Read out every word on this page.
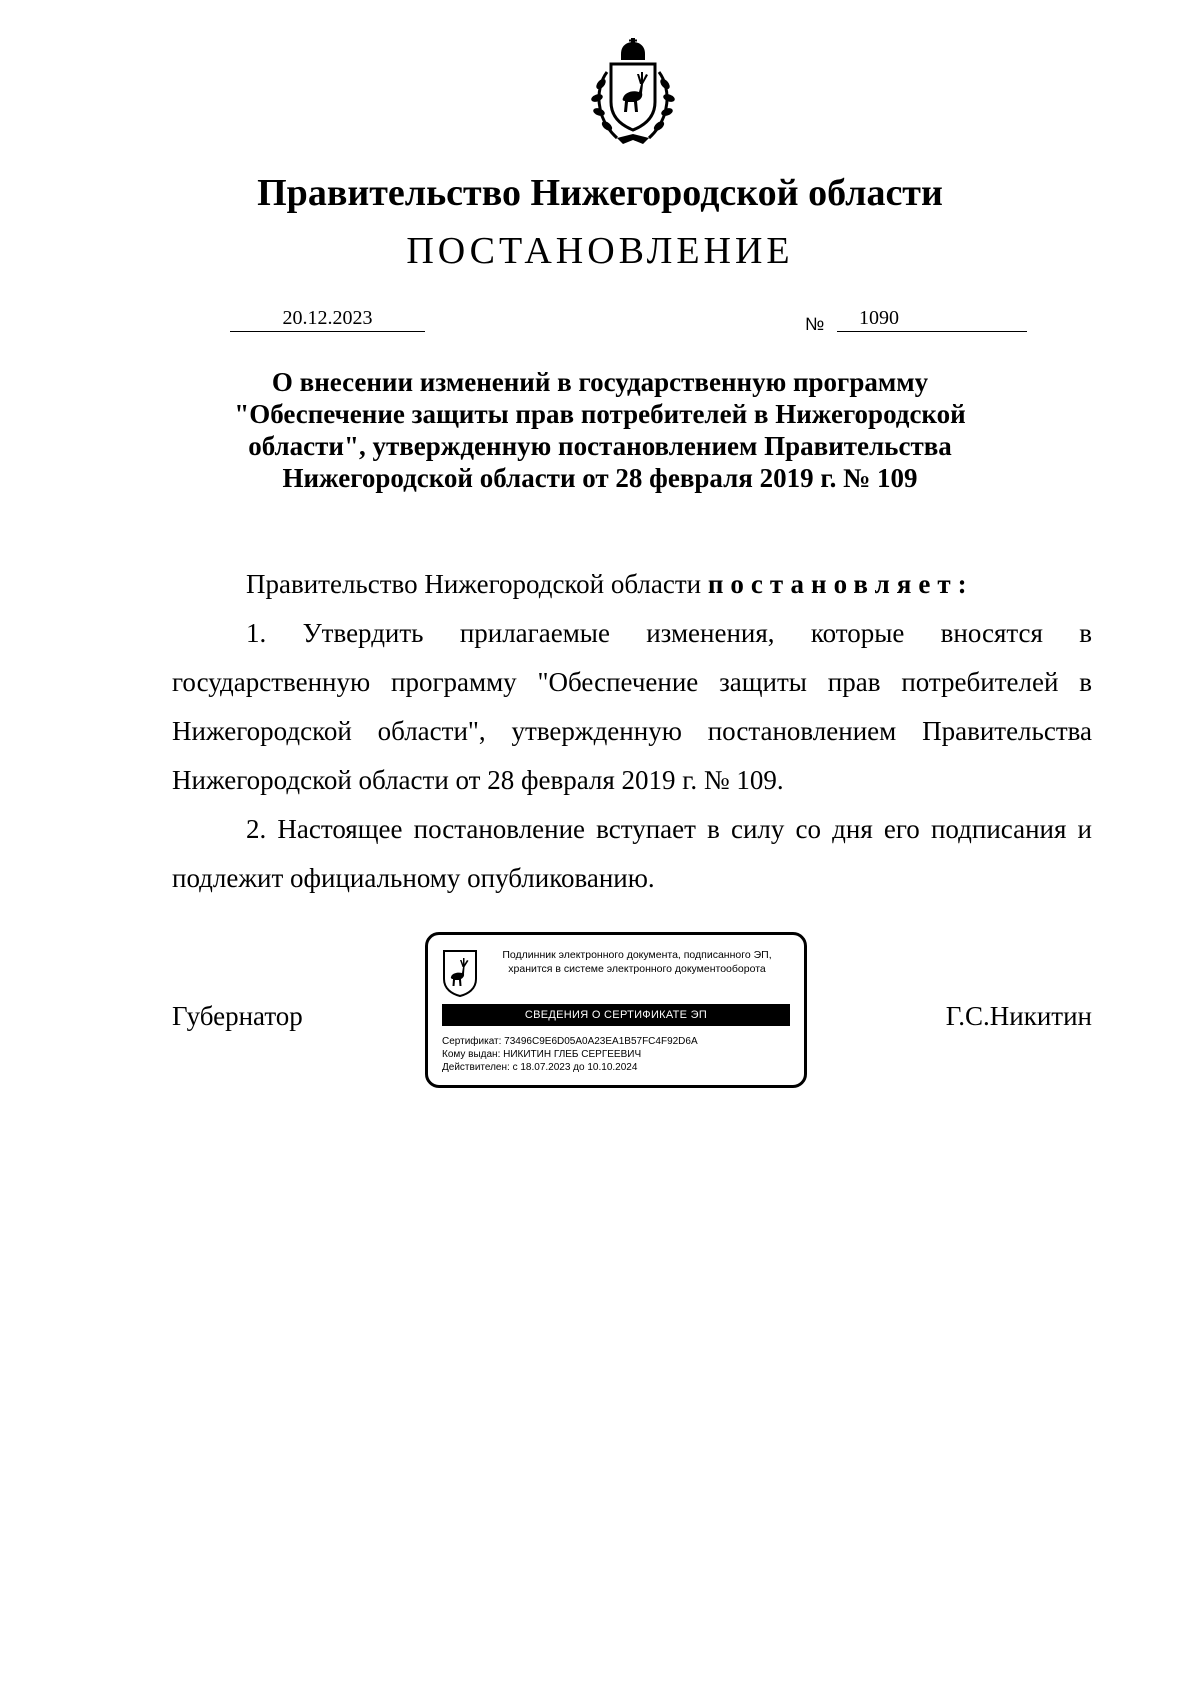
Правительство Нижегородской области
ПОСТАНОВЛЕНИЕ
20.12.2023	№	1090
О внесении изменений в государственную программу
"Обеспечение защиты прав потребителей в Нижегородской
области", утвержденную постановлением Правительства
Нижегородской области от 28 февраля 2019 г. № 109
Правительство Нижегородской области постановляет:
1. Утвердить прилагаемые изменения, которые вносятся в государственную программу "Обеспечение защиты прав потребителей в Нижегородской области", утвержденную постановлением Правительства Нижегородской области от 28 февраля 2019 г. № 109.
2. Настоящее постановление вступает в силу со дня его подписания и подлежит официальному опубликованию.
Губернатор	Г.С.Никитин
Подлинник электронного документа, подписанного ЭП,
хранится в системе электронного документооборота
СВЕДЕНИЯ О СЕРТИФИКАТЕ ЭП
Сертификат: 73496C9E6D05A0A23EA1B57FC4F92D6A
Кому выдан: НИКИТИН ГЛЕБ СЕРГЕЕВИЧ
Действителен: с 18.07.2023 до 10.10.2024
